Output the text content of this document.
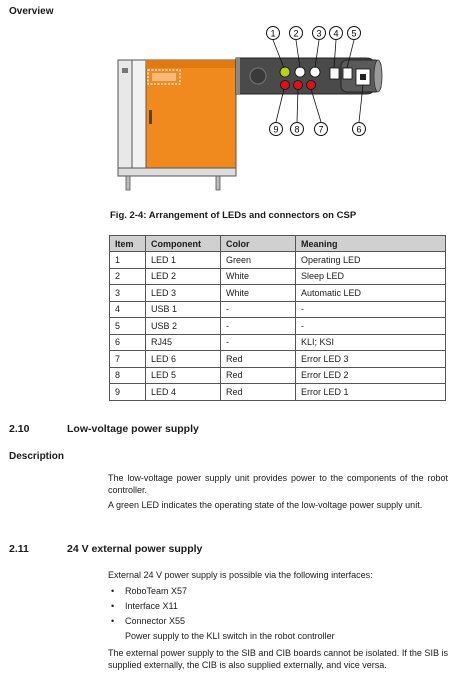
Overview
1 2 3 4 5
9 8 7	6
Fig. 2-4: Arrangement of LEDs and connectors on CSP
Item	Component	Color	Meaning
1	LED 1	Green	Operating LED
2	LED 2	White	Sleep LED
3	LED 3	White	Automatic LED
4	USB 1	-	-
5	USB 2	-	-
6	RJ45	-	KLI; KSI
7	LED 6	Red	Error LED 3
8	LED 5	Red	Error LED 2
9	LED 4	Red	Error LED 1
2.10	Low-voltage power supply
Description
The low-voltage power supply unit provides power to the components of the robot controller.
A green LED indicates the operating state of the low-voltage power supply unit.
2.11	24 V external power supply
External 24 V power supply is possible via the following interfaces:
• RoboTeam X57
• Interface X11
• Connector X55
Power supply to the KLI switch in the robot controller
The external power supply to the SIB and CIB boards cannot be isolated. If the SIB is supplied externally, the CIB is also supplied externally, and vice versa.
